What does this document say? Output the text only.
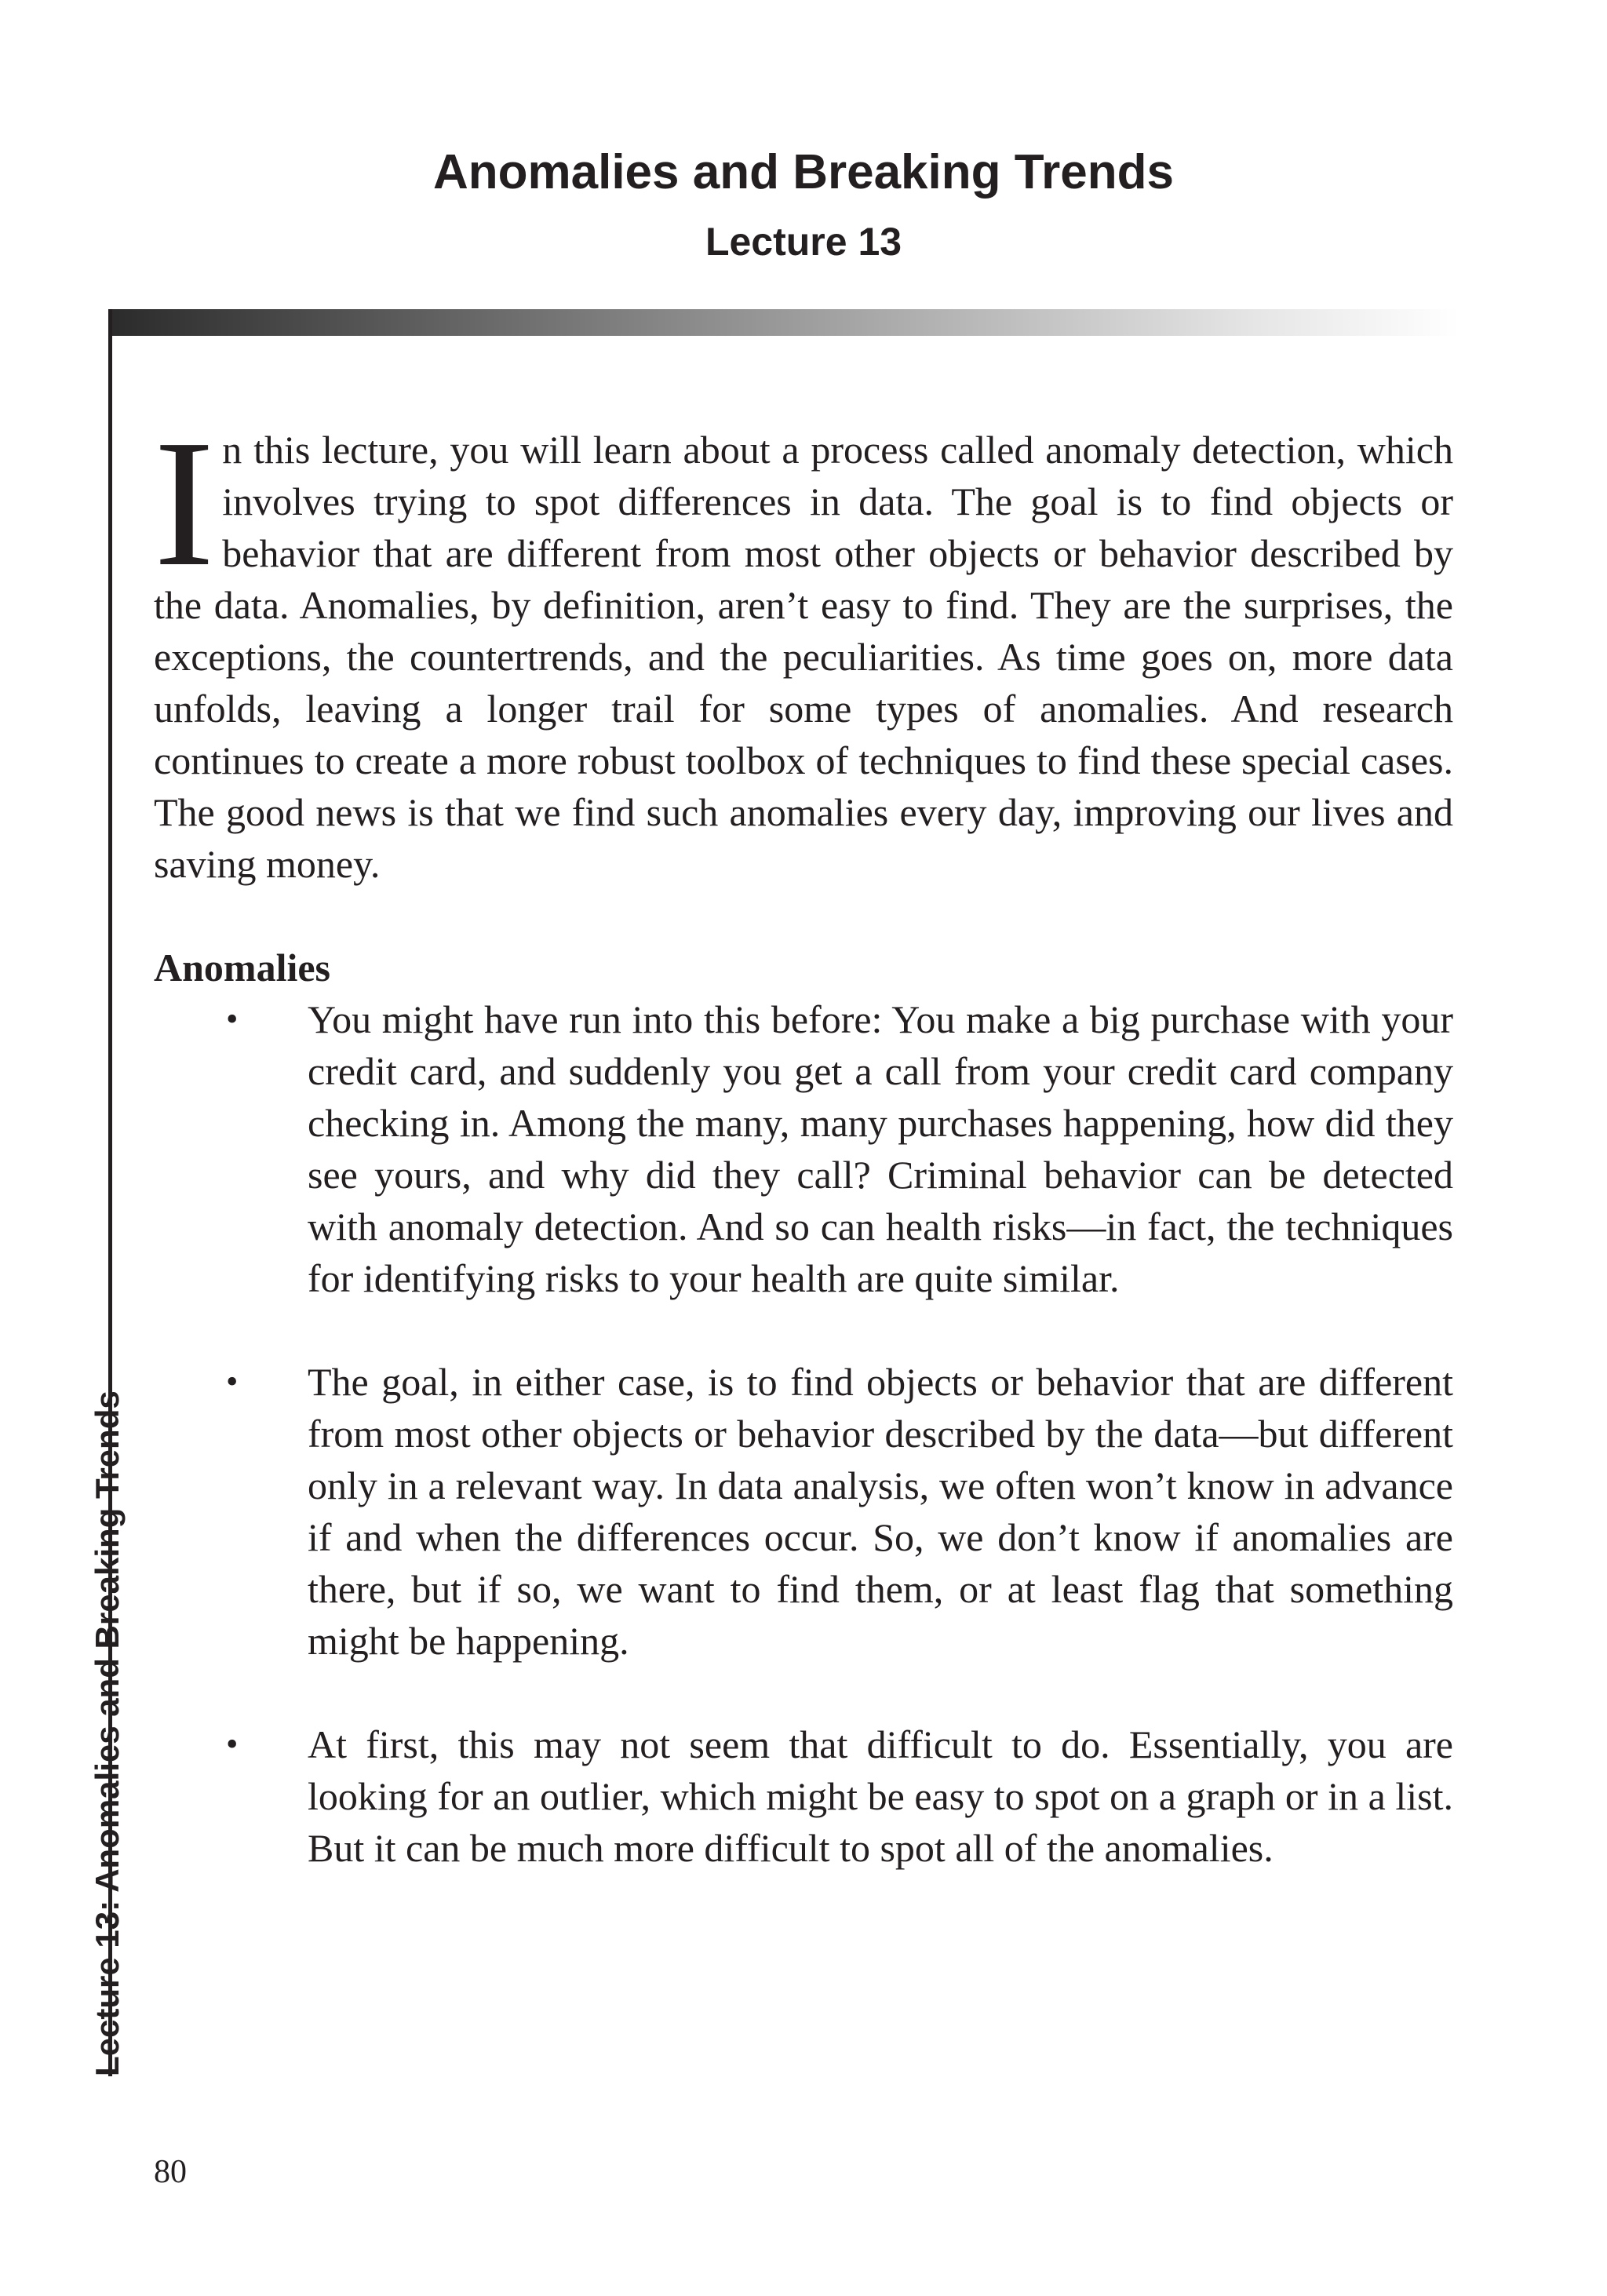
Anomalies and Breaking Trends
Lecture 13
Lecture 13: Anomalies and Breaking Trends

In this lecture, you will learn about a process called anomaly detection, which involves trying to spot differences in data. The goal is to find objects or behavior that are different from most other objects or behavior described by the data. Anomalies, by definition, aren’t easy to find. They are the surprises, the exceptions, the countertrends, and the peculiarities. As time goes on, more data unfolds, leaving a longer trail for some types of anomalies. And research continues to create a more robust toolbox of techniques to find these special cases. The good news is that we find such anomalies every day, improving our lives and saving money.

Anomalies
• You might have run into this before: You make a big purchase with your credit card, and suddenly you get a call from your credit card company checking in. Among the many, many purchases happening, how did they see yours, and why did they call? Criminal behavior can be detected with anomaly detection. And so can health risks—in fact, the techniques for identifying risks to your health are quite similar.
• The goal, in either case, is to find objects or behavior that are different from most other objects or behavior described by the data—but different only in a relevant way. In data analysis, we often won’t know in advance if and when the differences occur. So, we don’t know if anomalies are there, but if so, we want to find them, or at least flag that something might be happening.
• At first, this may not seem that difficult to do. Essentially, you are looking for an outlier, which might be easy to spot on a graph or in a list. But it can be much more difficult to spot all of the anomalies.
80
